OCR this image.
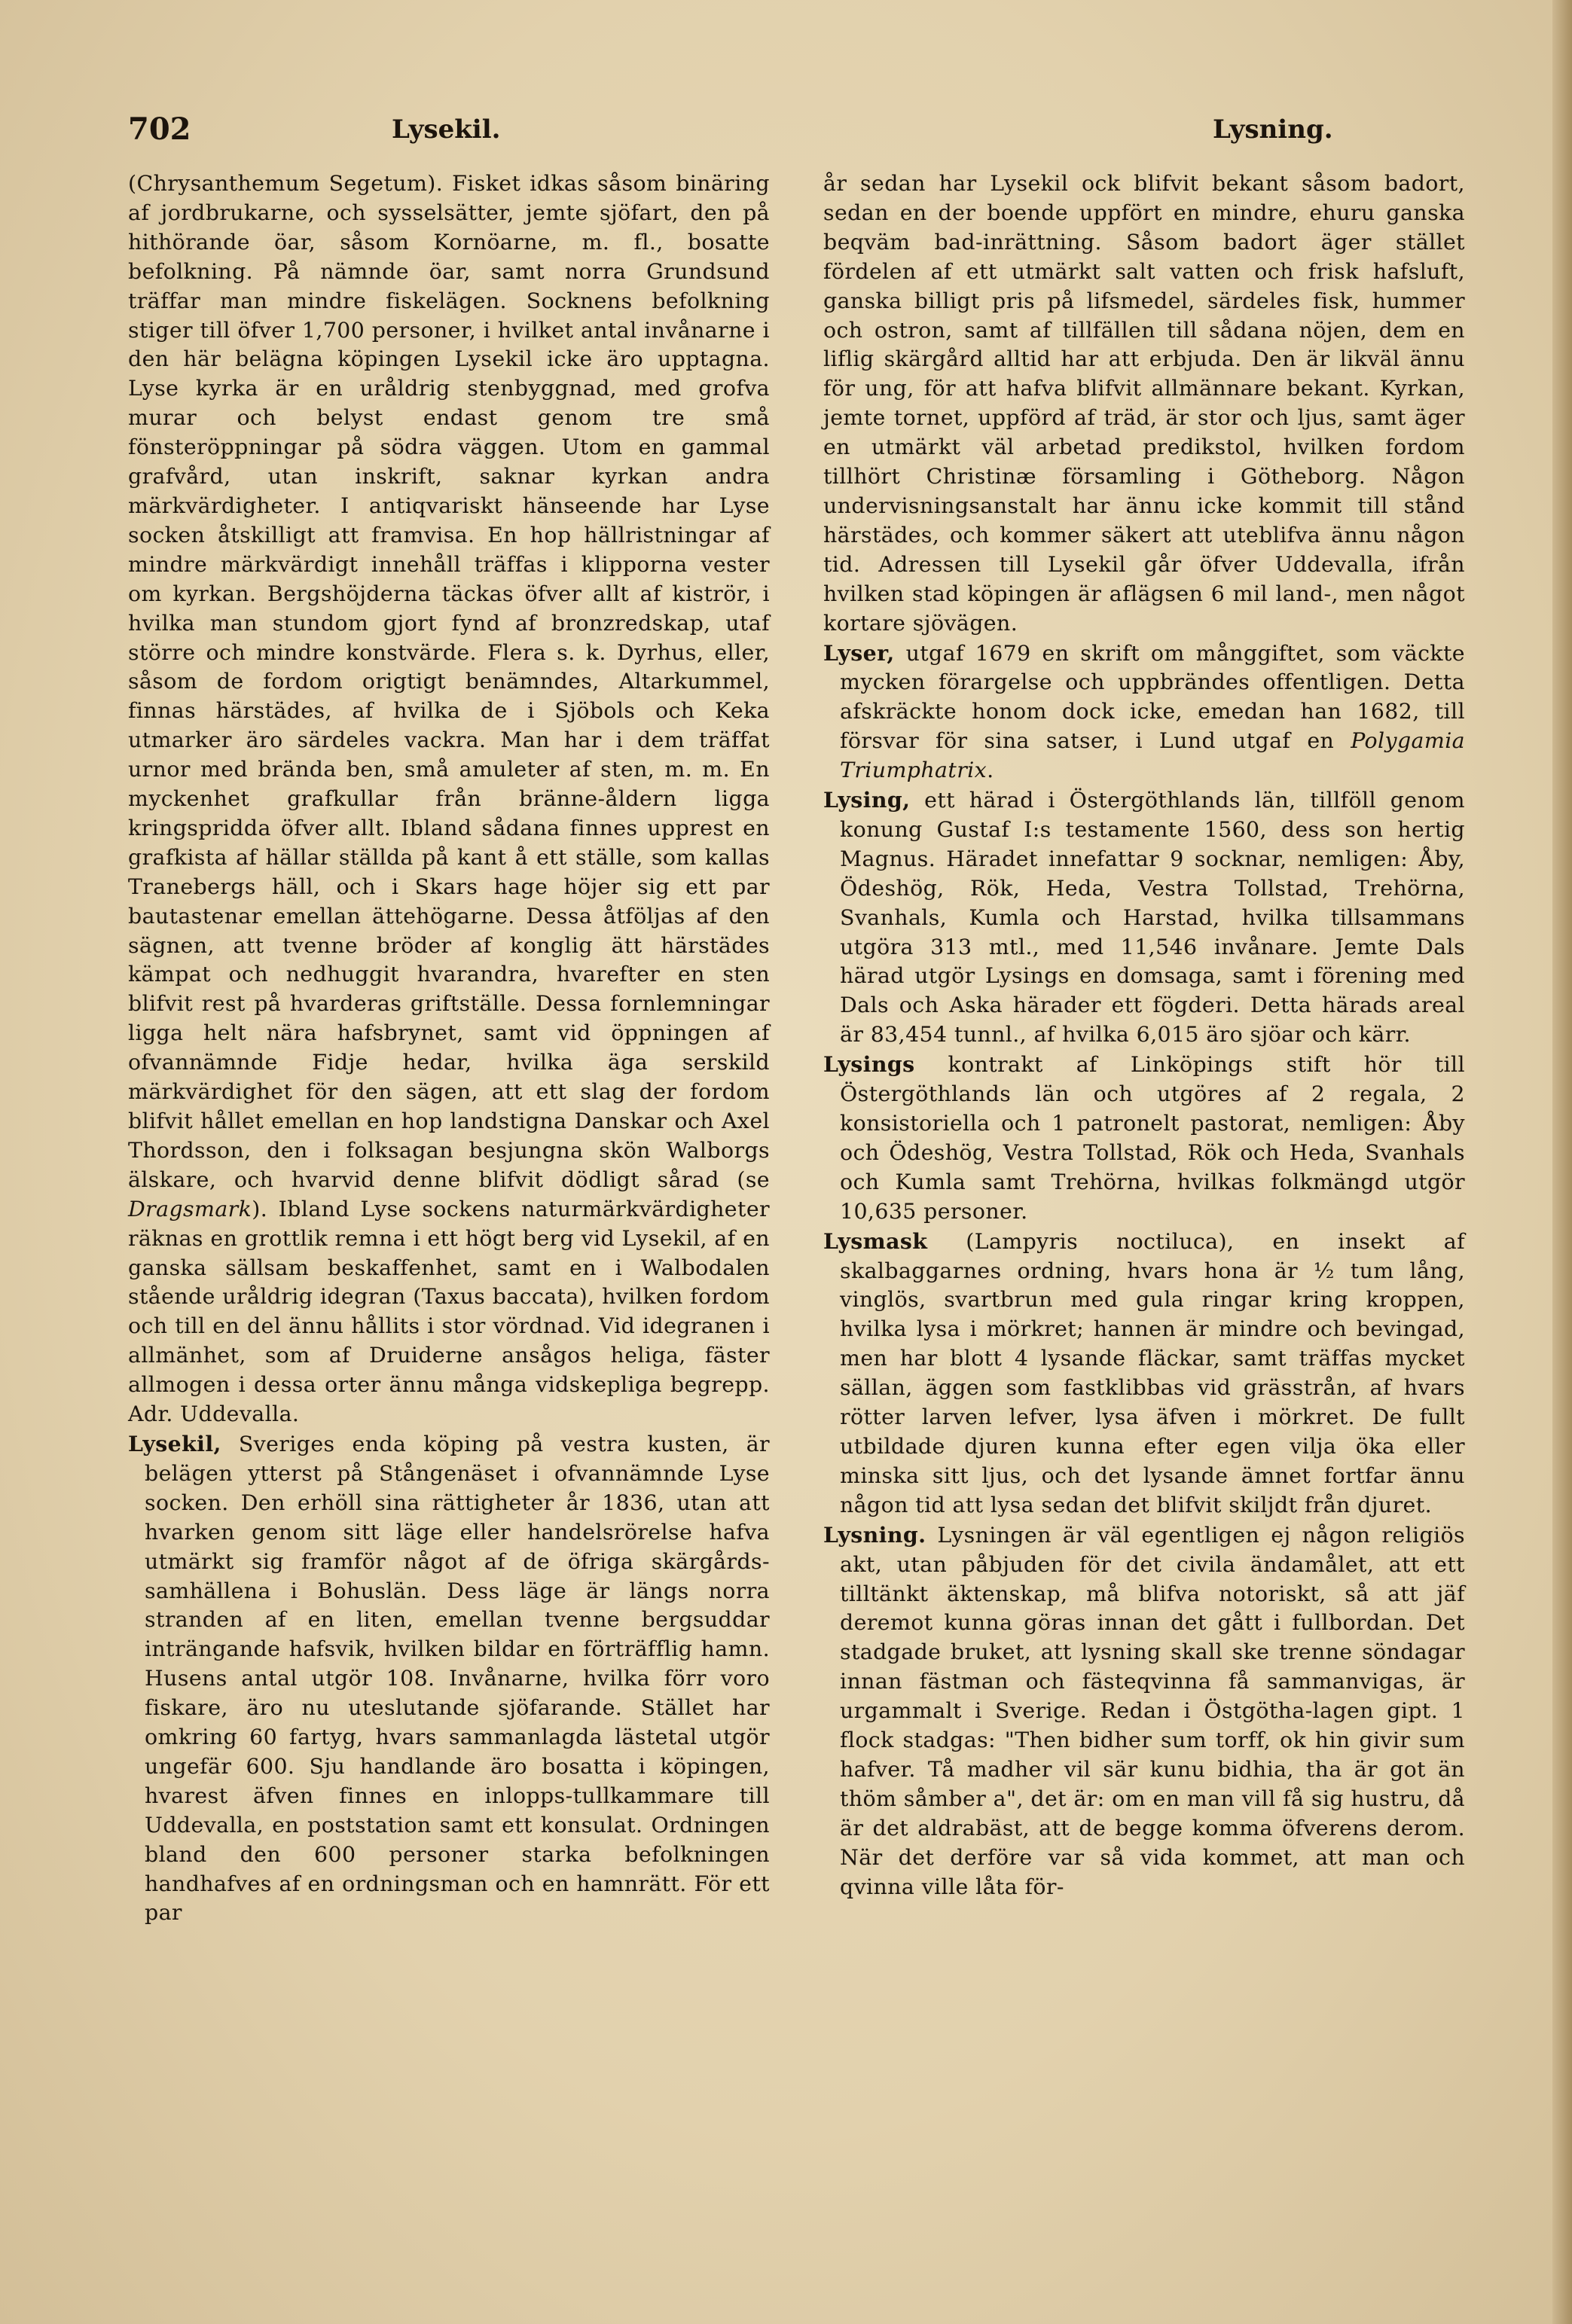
702	Lysekil.	Lysning.

(Chrysanthemum Segetum). Fisket idkas såsom binäring af jordbrukarne, och sysselsätter, jemte sjöfart, den på hithörande öar, såsom Kornöarne, m. fl., bosatte befolkning. På nämnde öar, samt norra Grundsund träffar man mindre fiskelägen. Socknens befolkning stiger till öfver 1,700 personer, i hvilket antal invånarne i den här belägna köpingen Lysekil icke äro upptagna. Lyse kyrka är en uråldrig stenbyggnad, med grofva murar och belyst endast genom tre små fönsteröppningar på södra väggen. Utom en gammal grafvård, utan inskrift, saknar kyrkan andra märkvärdigheter. I antiqvariskt hänseende har Lyse socken åtskilligt att framvisa. En hop hällristningar af mindre märkvärdigt innehåll träffas i klipporna vester om kyrkan. Bergshöjderna täckas öfver allt af kiströr, i hvilka man stundom gjort fynd af bronzredskap, utaf större och mindre konstvärde. Flera s. k. Dyrhus, eller, såsom de fordom origtigt benämndes, Altarkummel, finnas härstädes, af hvilka de i Sjöbols och Keka utmarker äro särdeles vackra. Man har i dem träffat urnor med brända ben, små amuleter af sten, m. m. En myckenhet grafkullar från bränne-åldern ligga kringspridda öfver allt. Ibland sådana finnes upprest en grafkista af hällar ställda på kant å ett ställe, som kallas Tranebergs häll, och i Skars hage höjer sig ett par bautastenar emellan ättehögarne. Dessa åtföljas af den sägnen, att tvenne bröder af konglig ätt härstädes kämpat och nedhuggit hvarandra, hvarefter en sten blifvit rest på hvarderas griftställe. Dessa fornlemningar ligga helt nära hafsbrynet, samt vid öppningen af ofvannämnde Fidje hedar, hvilka äga serskild märkvärdighet för den sägen, att ett slag der fordom blifvit hållet emellan en hop landstigna Danskar och Axel Thordsson, den i folksagan besjungna skön Walborgs älskare, och hvarvid denne blifvit dödligt sårad (se Dragsmark). Ibland Lyse sockens naturmärkvärdigheter räknas en grottlik remna i ett högt berg vid Lysekil, af en ganska sällsam beskaffenhet, samt en i Walbodalen stående uråldrig idegran (Taxus baccata), hvilken fordom och till en del ännu hållits i stor vördnad. Vid idegranen i allmänhet, som af Druiderne ansågos heliga, fäster allmogen i dessa orter ännu många vidskepliga begrepp. Adr. Uddevalla.

Lysekil, Sveriges enda köping på vestra kusten, är belägen ytterst på Stångenäset i ofvannämnde Lyse socken. Den erhöll sina rättigheter år 1836, utan att hvarken genom sitt läge eller handelsrörelse hafva utmärkt sig framför något af de öfriga skärgårds-samhällena i Bohuslän. Dess läge är längs norra stranden af en liten, emellan tvenne bergsuddar inträngande hafsvik, hvilken bildar en förträfflig hamn. Husens antal utgör 108. Invånarne, hvilka förr voro fiskare, äro nu uteslutande sjöfarande. Stället har omkring 60 fartyg, hvars sammanlagda lästetal utgör ungefär 600. Sju handlande äro bosatta i köpingen, hvarest äfven finnes en inlopps-tullkammare till Uddevalla, en poststation samt ett konsulat. Ordningen bland den 600 personer starka befolkningen handhafves af en ordningsman och en hamnrätt. För ett par

år sedan har Lysekil ock blifvit bekant såsom badort, sedan en der boende uppfört en mindre, ehuru ganska beqväm bad-inrättning. Såsom badort äger stället fördelen af ett utmärkt salt vatten och frisk hafsluft, ganska billigt pris på lifsmedel, särdeles fisk, hummer och ostron, samt af tillfällen till sådana nöjen, dem en liflig skärgård alltid har att erbjuda. Den är likväl ännu för ung, för att hafva blifvit allmännare bekant. Kyrkan, jemte tornet, uppförd af träd, är stor och ljus, samt äger en utmärkt väl arbetad predikstol, hvilken fordom tillhört Christinæ församling i Götheborg. Någon undervisningsanstalt har ännu icke kommit till stånd härstädes, och kommer säkert att uteblifva ännu någon tid. Adressen till Lysekil går öfver Uddevalla, ifrån hvilken stad köpingen är aflägsen 6 mil land-, men något kortare sjövägen.

Lyser, utgaf 1679 en skrift om månggiftet, som väckte mycken förargelse och uppbrändes offentligen. Detta afskräckte honom dock icke, emedan han 1682, till försvar för sina satser, i Lund utgaf en Polygamia Triumphatrix.

Lysing, ett härad i Östergöthlands län, tillföll genom konung Gustaf I:s testamente 1560, dess son hertig Magnus. Häradet innefattar 9 socknar, nemligen: Åby, Ödeshög, Rök, Heda, Vestra Tollstad, Trehörna, Svanhals, Kumla och Harstad, hvilka tillsammans utgöra 313 mtl., med 11,546 invånare. Jemte Dals härad utgör Lysings en domsaga, samt i förening med Dals och Aska härader ett fögderi. Detta härads areal är 83,454 tunnl., af hvilka 6,015 äro sjöar och kärr.

Lysings kontrakt af Linköpings stift hör till Östergöthlands län och utgöres af 2 regala, 2 konsistoriella och 1 patronelt pastorat, nemligen: Åby och Ödeshög, Vestra Tollstad, Rök och Heda, Svanhals och Kumla samt Trehörna, hvilkas folkmängd utgör 10,635 personer.

Lysmask (Lampyris noctiluca), en insekt af skalbaggarnes ordning, hvars hona är ½ tum lång, vinglös, svartbrun med gula ringar kring kroppen, hvilka lysa i mörkret; hannen är mindre och bevingad, men har blott 4 lysande fläckar, samt träffas mycket sällan, äggen som fastklibbas vid grässtrån, af hvars rötter larven lefver, lysa äfven i mörkret. De fullt utbildade djuren kunna efter egen vilja öka eller minska sitt ljus, och det lysande ämnet fortfar ännu någon tid att lysa sedan det blifvit skiljdt från djuret.

Lysning. Lysningen är väl egentligen ej någon religiös akt, utan påbjuden för det civila ändamålet, att ett tilltänkt äktenskap, må blifva notoriskt, så att jäf deremot kunna göras innan det gått i fullbordan. Det stadgade bruket, att lysning skall ske trenne söndagar innan fästman och fästeqvinna få sammanvigas, är urgammalt i Sverige. Redan i Östgötha-lagen gipt. 1 flock stadgas: "Then bidher sum torff, ok hin givir sum hafver. Tå madher vil sär kunu bidhia, tha är got än thöm såmber a", det är: om en man vill få sig hustru, då är det aldrabäst, att de begge komma öfverens derom. När det derföre var så vida kommet, att man och qvinna ville låta för-
